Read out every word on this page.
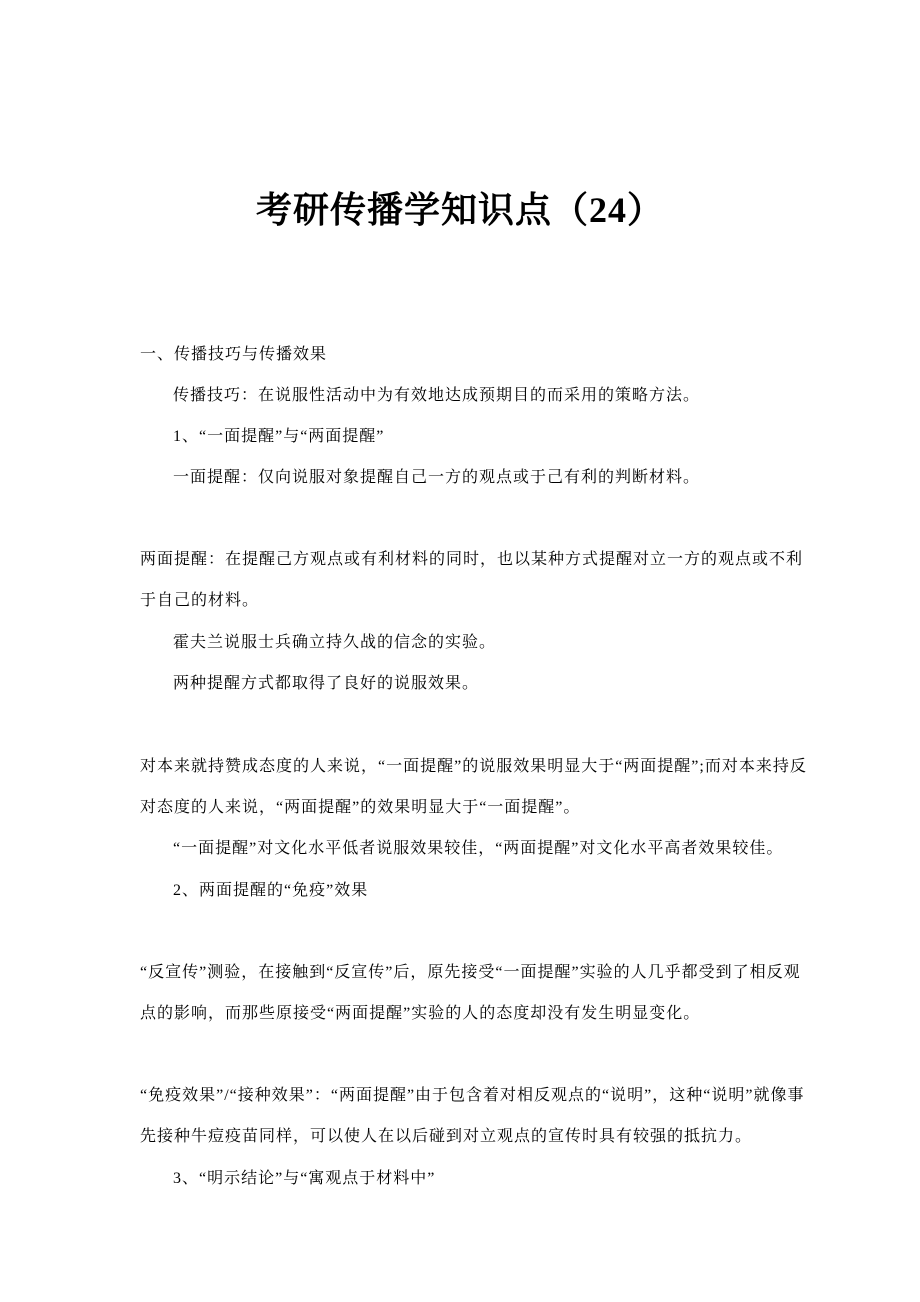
考研传播学知识点（24）
一、传播技巧与传播效果
传播技巧：在说服性活动中为有效地达成预期目的而采用的策略方法。
1、“一面提醒”与“两面提醒”
一面提醒：仅向说服对象提醒自己一方的观点或于己有利的判断材料。
两面提醒：在提醒己方观点或有利材料的同时，也以某种方式提醒对立一方的观点或不利
于自己的材料。
霍夫兰说服士兵确立持久战的信念的实验。
两种提醒方式都取得了良好的说服效果。
对本来就持赞成态度的人来说，“一面提醒”的说服效果明显大于“两面提醒”;而对本来持反
对态度的人来说，“两面提醒”的效果明显大于“一面提醒”。
“一面提醒”对文化水平低者说服效果较佳，“两面提醒”对文化水平高者效果较佳。
2、两面提醒的“免疫”效果
“反宣传”测验，在接触到“反宣传”后，原先接受“一面提醒”实验的人几乎都受到了相反观
点的影响，而那些原接受“两面提醒”实验的人的态度却没有发生明显变化。
“免疫效果”/“接种效果”：“两面提醒”由于包含着对相反观点的“说明”，这种“说明”就像事
先接种牛痘疫苗同样，可以使人在以后碰到对立观点的宣传时具有较强的抵抗力。
3、“明示结论”与“寓观点于材料中”
